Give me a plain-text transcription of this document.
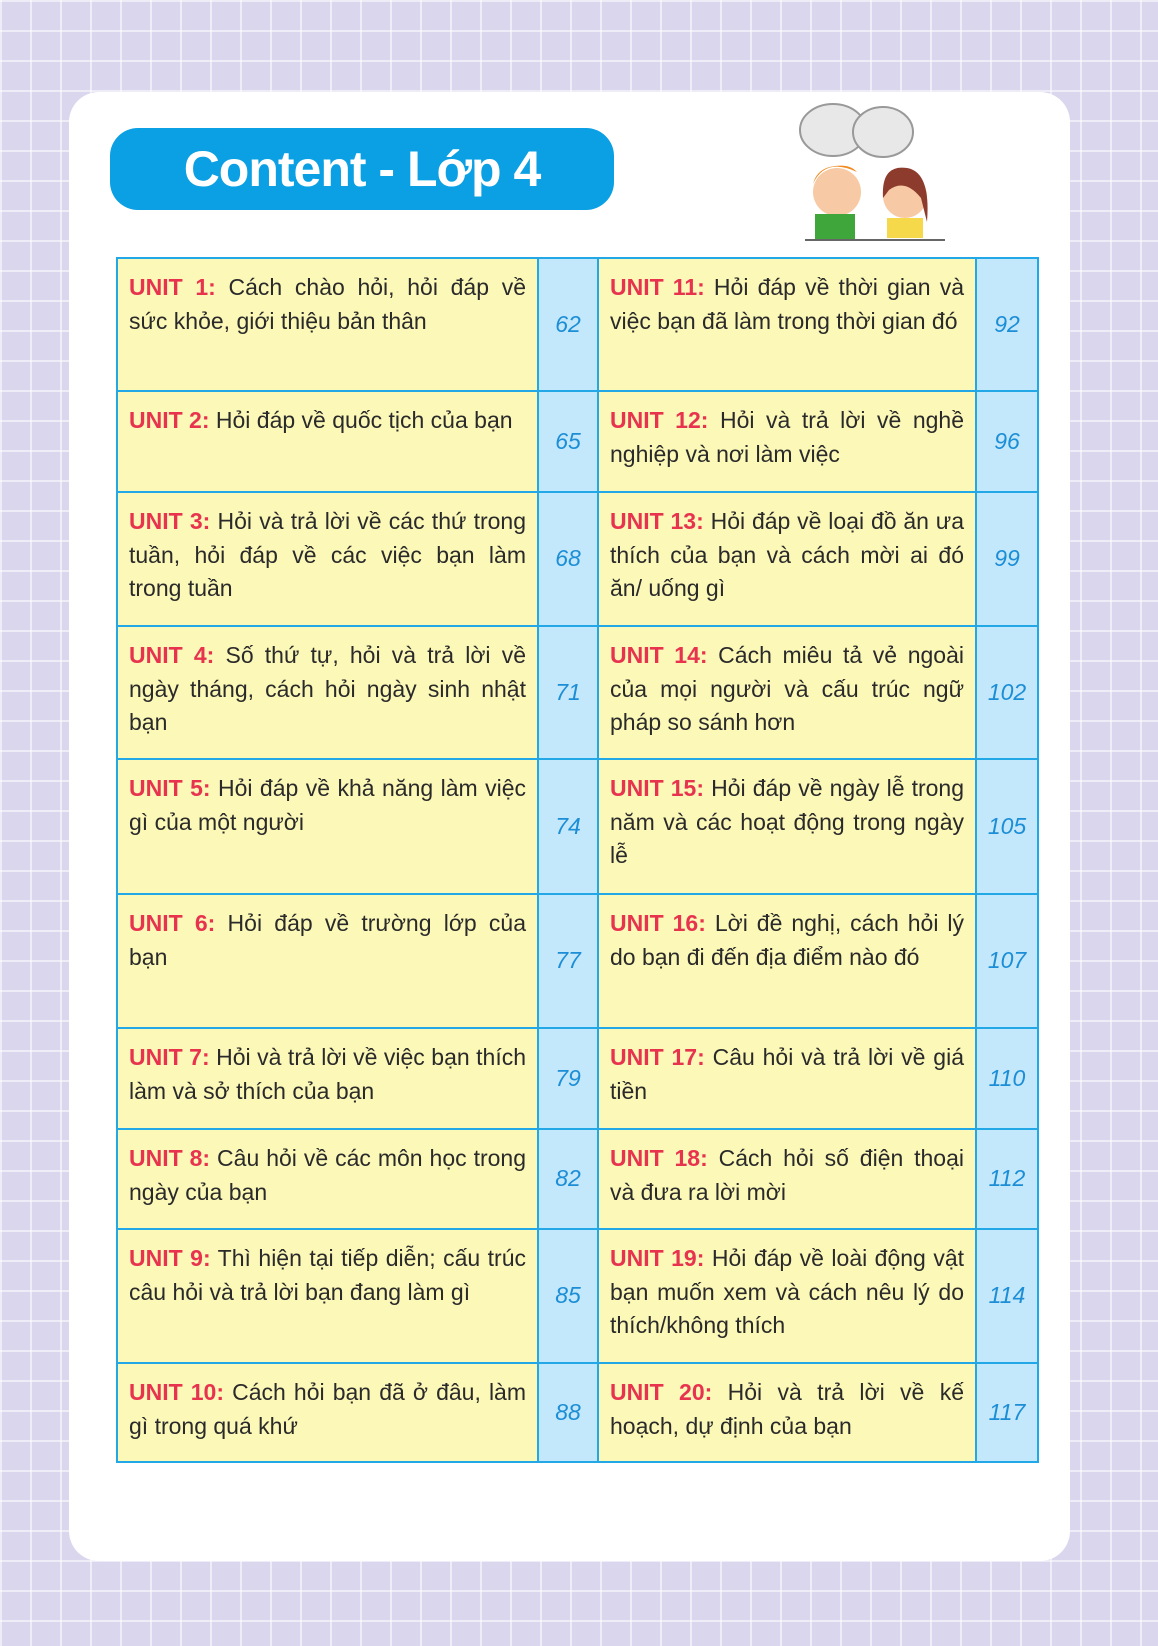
Content - Lớp 4
UNIT 1: Cách chào hỏi, hỏi đáp về sức khỏe, giới thiệu bản thân	62	UNIT 11: Hỏi đáp về thời gian và việc bạn đã làm trong thời gian đó	92
UNIT 2: Hỏi đáp về quốc tịch của bạn	65	UNIT 12: Hỏi và trả lời về nghề nghiệp và nơi làm việc	96
UNIT 3: Hỏi và trả lời về các thứ trong tuần, hỏi đáp về các việc bạn làm trong tuần	68	UNIT 13: Hỏi đáp về loại đồ ăn ưa thích của bạn và cách mời ai đó ăn/ uống gì	99
UNIT 4: Số thứ tự, hỏi và trả lời về ngày tháng, cách hỏi ngày sinh nhật bạn	71	UNIT 14: Cách miêu tả vẻ ngoài của mọi người và cấu trúc ngữ pháp so sánh hơn	102
UNIT 5: Hỏi đáp về khả năng làm việc gì của một người	74	UNIT 15: Hỏi đáp về ngày lễ trong năm và các hoạt động trong ngày lễ	105
UNIT 6: Hỏi đáp về trường lớp của bạn	77	UNIT 16: Lời đề nghị, cách hỏi lý do bạn đi đến địa điểm nào đó	107
UNIT 7: Hỏi và trả lời về việc bạn thích làm và sở thích của bạn	79	UNIT 17: Câu hỏi và trả lời về giá tiền	110
UNIT 8: Câu hỏi về các môn học trong ngày của bạn	82	UNIT 18: Cách hỏi số điện thoại và đưa ra lời mời	112
UNIT 9: Thì hiện tại tiếp diễn; cấu trúc câu hỏi và trả lời bạn đang làm gì	85	UNIT 19: Hỏi đáp về loài động vật bạn muốn xem và cách nêu lý do thích/không thích	114
UNIT 10: Cách hỏi bạn đã ở đâu, làm gì trong quá khứ	88	UNIT 20: Hỏi và trả lời về kế hoạch, dự định của bạn	117
